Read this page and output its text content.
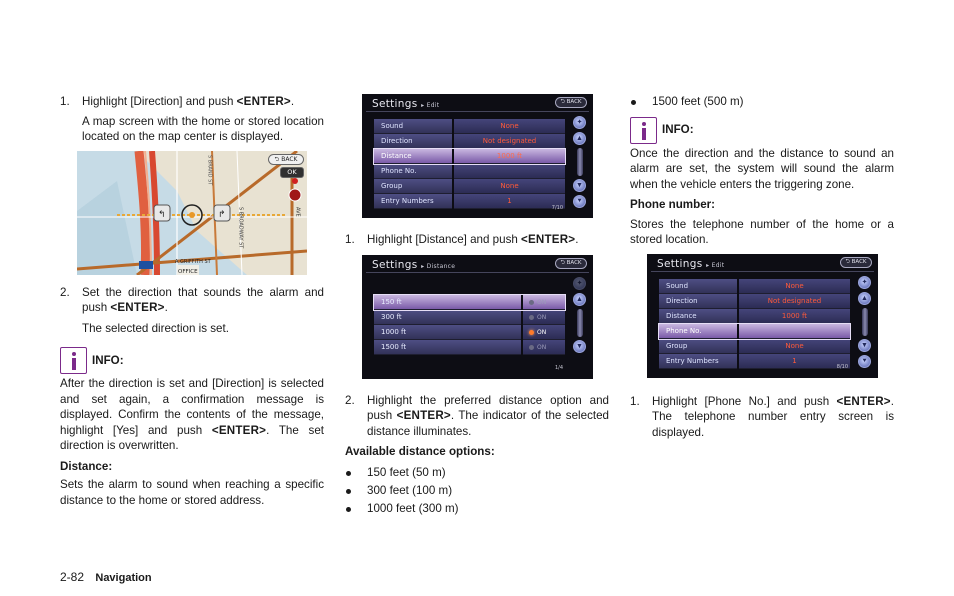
1.	Highlight [Direction] and push <ENTER>.

A map screen with the home or stored location located on the map center is displayed.

↰	↱
⮌ BACK
OK
A GRIFFITH ST
OFFICE
S BROADWAY ST
S BRAND ST
AVE
2.	Set the direction that sounds the alarm and push <ENTER>.

The selected direction is set.

INFO:

After the direction is set and [Direction] is selected and set again, a confirmation message is displayed. Confirm the contents of the message, highlight [Yes] and push <ENTER>. The set direction is overwritten.

Distance:

Sets the alarm to sound when reaching a specific distance to the home or stored address.

Settings ▸ Edit	⮌ BACK
Sound	None
Direction	Not designated
Distance	1000 ft
Phone No.
Group	None
Entry Numbers	1
✦
▲
▼
⯆
7/10
1.	Highlight [Distance] and push <ENTER>.
Settings ▸ Distance	⮌ BACK
150 ft	ON
300 ft	ON
1000 ft	ON
1500 ft	ON
✦
▲
▼
1/4
2.	Highlight the preferred distance option and push <ENTER>. The indicator of the selected distance illuminates.

Available distance options:

150 feet (50 m)
300 feet (100 m)
1000 feet (300 m)
1500 feet (500 m)
INFO:

Once the direction and the distance to sound an alarm are set, the system will sound the alarm when the vehicle enters the triggering zone.

Phone number:

Stores the telephone number of the home or a stored location.

Settings ▸ Edit	⮌ BACK
Sound	None
Direction	Not designated
Distance	1000 ft
Phone No.
Group	None
Entry Numbers	1
✦
▲
▼
⯆
8/10
1.	Highlight [Phone No.] and push <ENTER>. The telephone number entry screen is displayed.
2-82 Navigation
